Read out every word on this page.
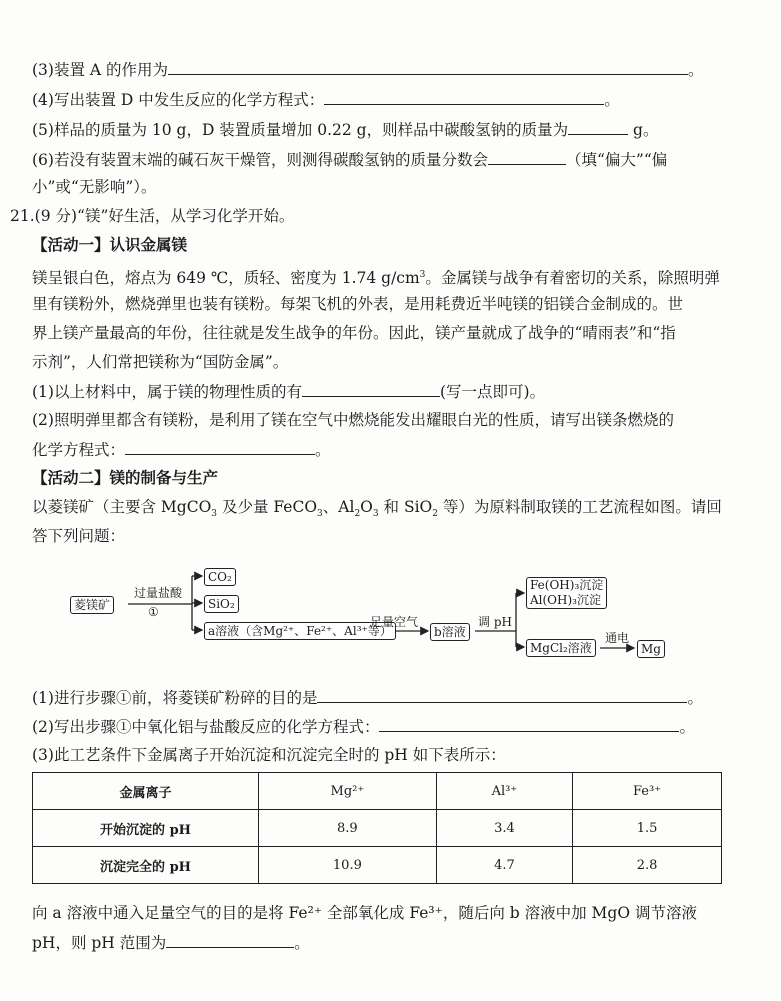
(3)装置 A 的作用为	。
(4)写出装置 D 中发生反应的化学方程式：	。
(5)样品的质量为 10 g，D 装置质量增加 0.22 g，则样品中碳酸氢钠的质量为	g。
(6)若没有装置末端的碱石灰干燥管，则测得碳酸氢钠的质量分数会	（填“偏大”“偏
小”或“无影响”）。
21.(9 分)“镁”好生活，从学习化学开始。
【活动一】认识金属镁
镁呈银白色，熔点为 649 ℃，质轻、密度为 1.74 $g/cm^3$。金属镁与战争有着密切的关系，除照明弹
里有镁粉外，燃烧弹里也装有镁粉。每架飞机的外表，是用耗费近半吨镁的铝镁合金制成的。世
界上镁产量最高的年份，往往就是发生战争的年份。因此，镁产量就成了战争的“晴雨表”和“指
示剂”，人们常把镁称为“国防金属”。
(1)以上材料中，属于镁的物理性质的有	(写一点即可)。
(2)照明弹里都含有镁粉，是利用了镁在空气中燃烧能发出耀眼白光的性质，请写出镁条燃烧的
化学方程式：	。
【活动二】镁的制备与生产
以菱镁矿（主要含 MgCO$_3$ 及少量 FeCO$_3$、$Al_2O_3$ 和 SiO$_2$ 等）为原料制取镁的工艺流程如图。请回
答下列问题：
菱镁矿
过量盐酸
①
CO₂
SiO₂
a溶液（含Mg²⁺、Fe²⁺、Al³⁺等）
足量空气
b溶液
调 pH
Fe(OH)₃沉淀
Al(OH)₃沉淀
MgCl₂溶液
通电
Mg
(1)进行步骤①前，将菱镁矿粉碎的目的是	。
(2)写出步骤①中氧化铝与盐酸反应的化学方程式：	。
(3)此工艺条件下金属离子开始沉淀和沉淀完全时的 pH 如下表所示：
金属离子	Mg²⁺	Al³⁺	Fe³⁺
开始沉淀的 pH	8.9	3.4	1.5
沉淀完全的 pH	10.9	4.7	2.8
向 a 溶液中通入足量空气的目的是将 Fe²⁺ 全部氧化成 Fe³⁺，随后向 b 溶液中加 MgO 调节溶液
pH，则 pH 范围为	。
